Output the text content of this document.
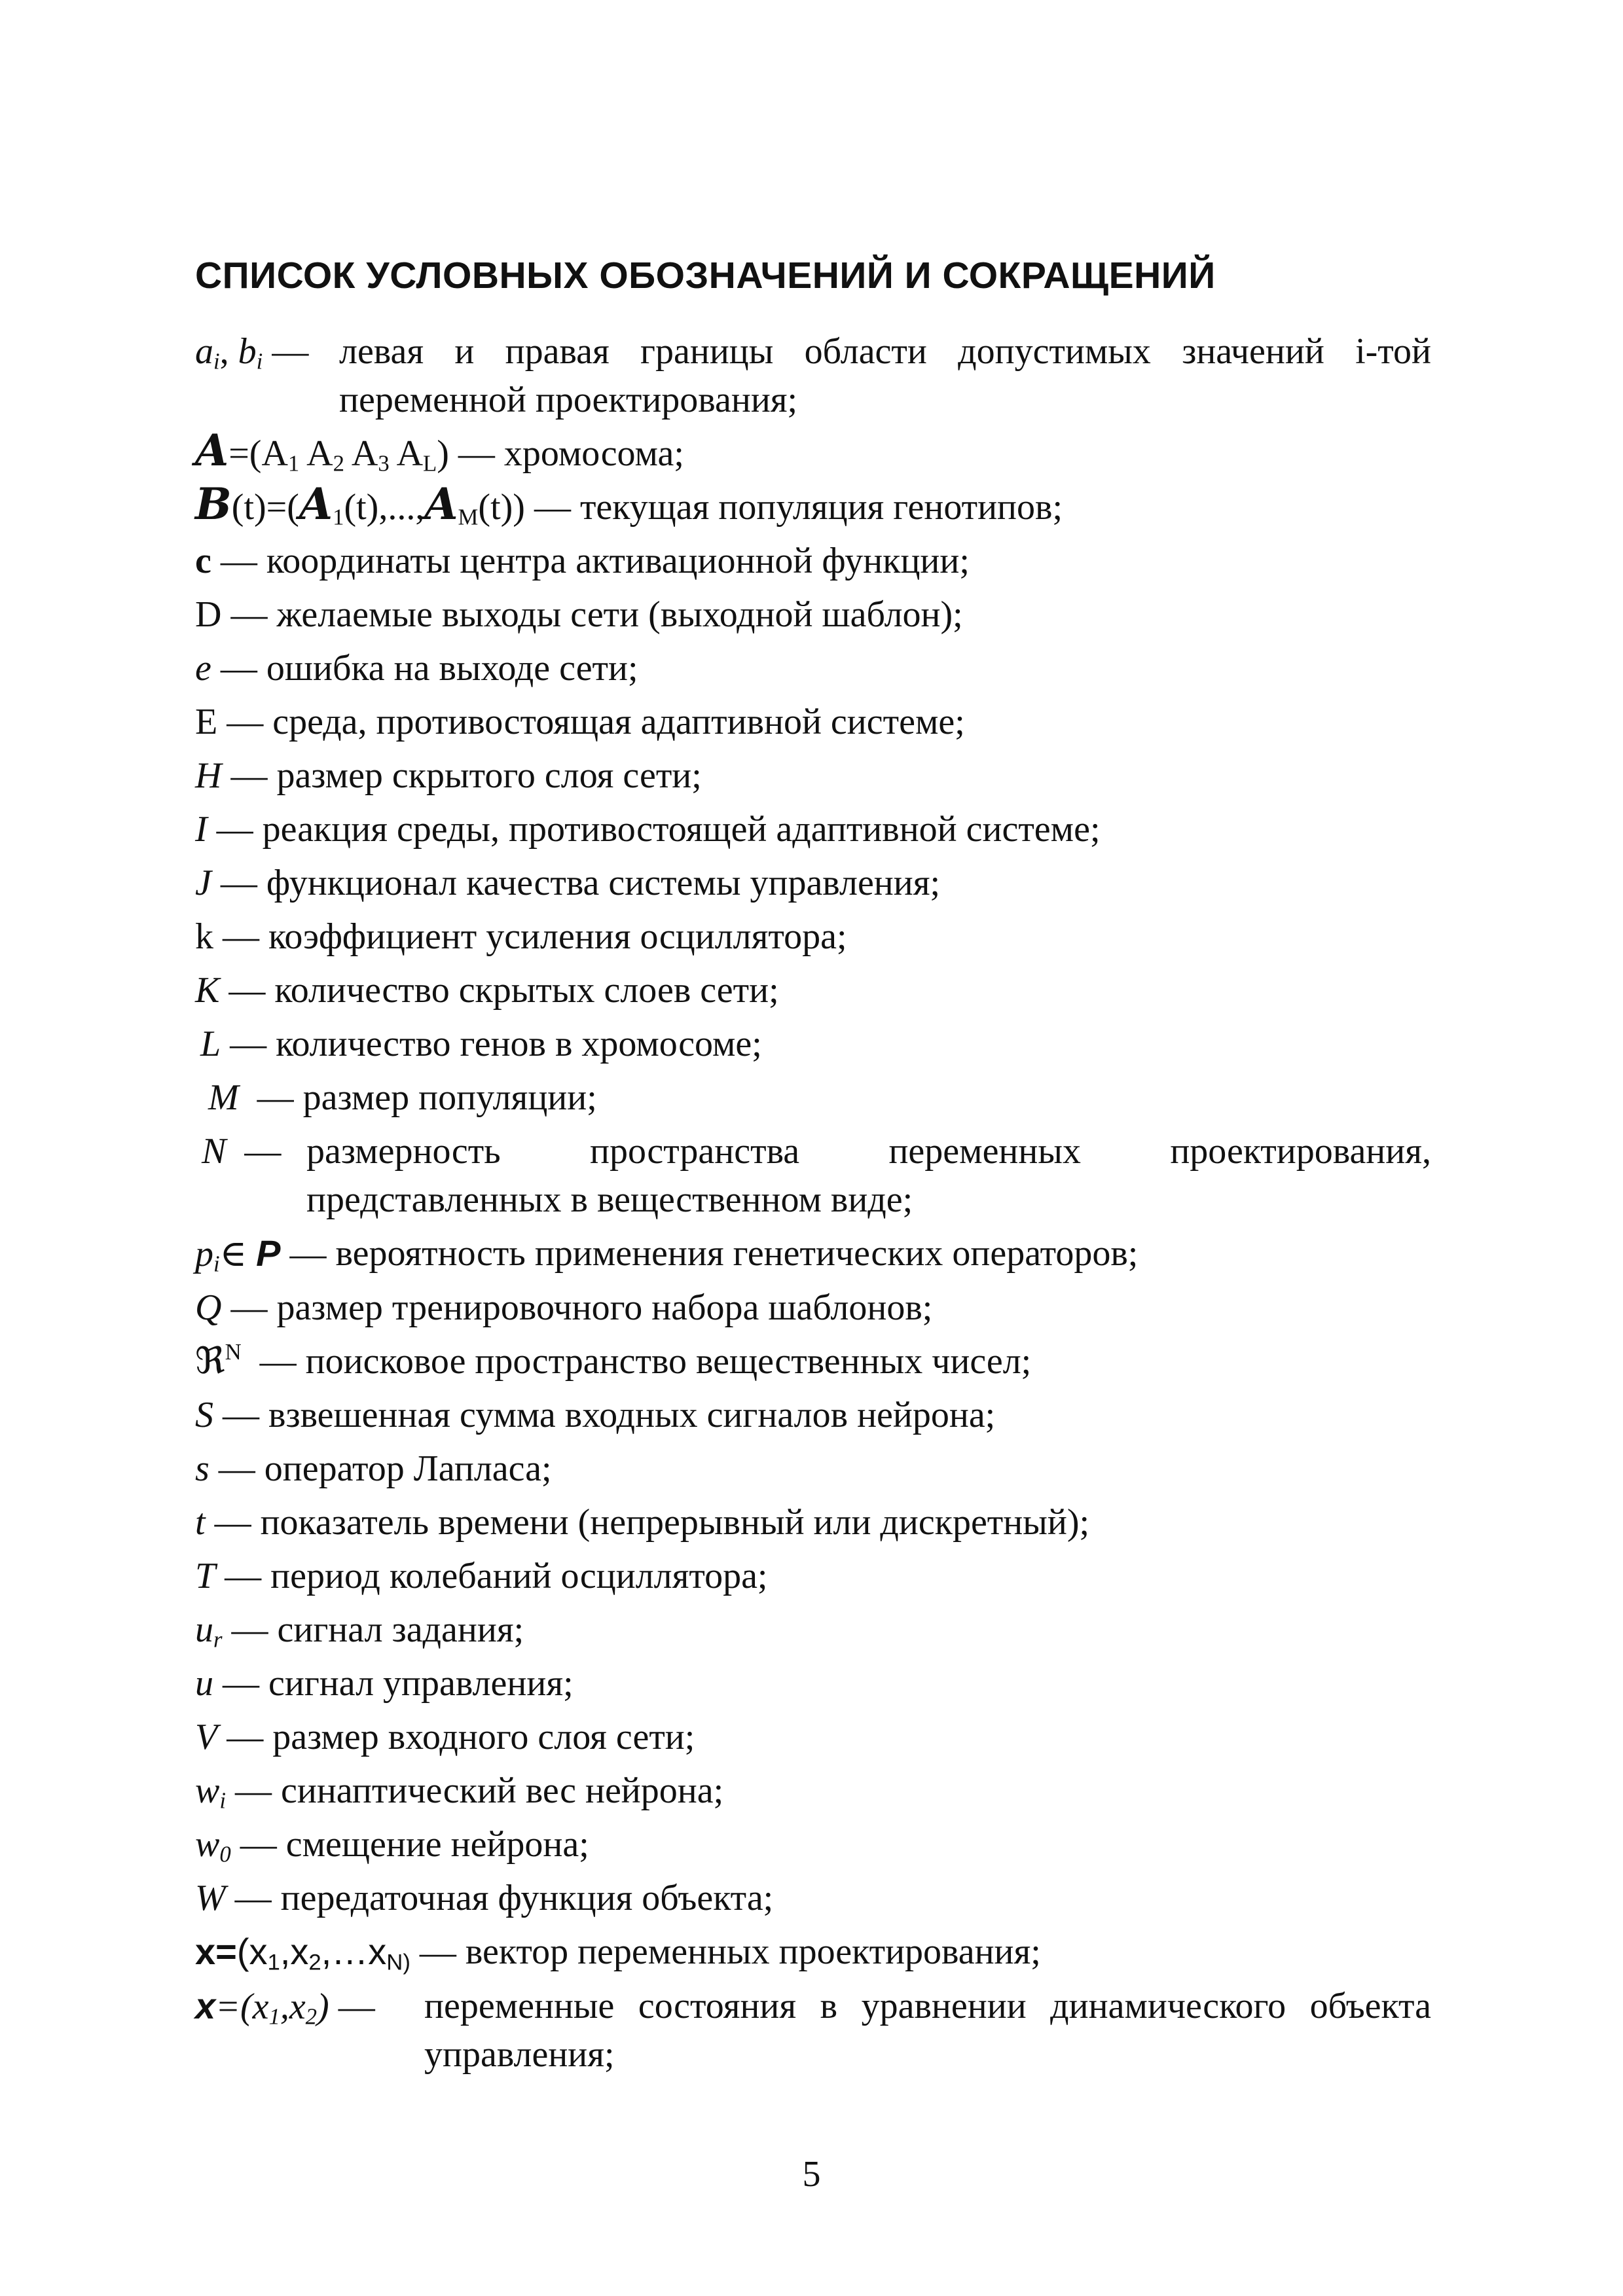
СПИСОК УСЛОВНЫХ ОБОЗНАЧЕНИЙ И СОКРАЩЕНИЙ
$a_i$, $b_i$ — левая и правая границы области допустимых значений i-той переменной проектирования;
$A=(A_1$ $A_2$ $A_3$ $A_L$) — хромосома;
$B(t)=(A_1(t),...,A_M(t))$ — текущая популяция генотипов;
c — координаты центра активационной функции;
D — желаемые выходы сети (выходной шаблон);
e — ошибка на выходе сети;
E — среда, противостоящая адаптивной системе;
H — размер скрытого слоя сети;
I — реакция среды, противостоящей адаптивной системе;
J — функционал качества системы управления;
k — коэффициент усиления осциллятора;
K — количество скрытых слоев сети;
L — количество генов в хромосоме;
M — размер популяции;
N — размерность пространства переменных проектирования, представленных в вещественном виде;
$p_i\in$ P — вероятность применения генетических операторов;
Q — размер тренировочного набора шаблонов;
ℜ$^N$ — поисковое пространство вещественных чисел;
S — взвешенная сумма входных сигналов нейрона;
s — оператор Лапласа;
t — показатель времени (непрерывный или дискретный);
T — период колебаний осциллятора;
$u_r$ — сигнал задания;
u — сигнал управления;
V — размер входного слоя сети;
$w_i$ — синаптический вес нейрона;
$w_0$ — смещение нейрона;
W — передаточная функция объекта;
$x=(x_1,x_2,\dots x_{N)}$ — вектор переменных проектирования;
$x=(x_1,x_2)$ —	переменные состояния в уравнении динамического объекта управления;
5
